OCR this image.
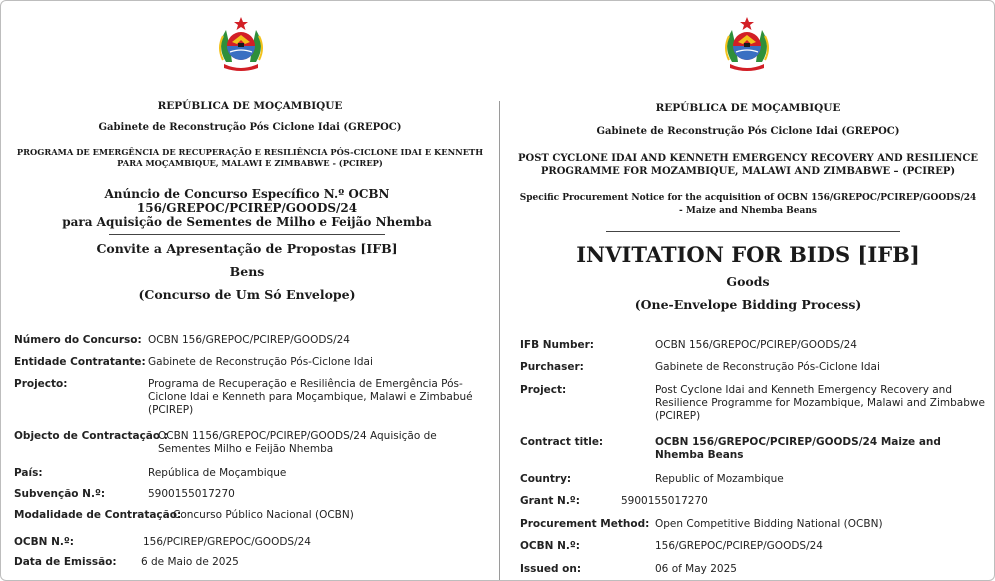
REPÚBLICA DE MOÇAMBIQUE
Gabinete de Reconstrução Pós Ciclone Idai (GREPOC)
PROGRAMA DE EMERGÊNCIA DE RECUPERAÇÃO E RESILIÊNCIA PÓS-CICLONE IDAI E KENNETH
PARA MOÇAMBIQUE, MALAWI E ZIMBABWE - (PCIREP)
Anúncio de Concurso Específico N.º OCBN 156/GREPOC/PCIREP/GOODS/24
para Aquisição de Sementes de Milho e Feijão Nhemba
Convite a Apresentação de Propostas [IFB]
Bens
(Concurso de Um Só Envelope)
Número do Concurso: OCBN 156/GREPOC/PCIREP/GOODS/24
Entidade Contratante: Gabinete de Reconstrução Pós-Ciclone Idai
Projecto:	Programa de Recuperação e Resiliência de Emergência Pós-
Ciclone Idai e Kenneth para Moçambique, Malawi e Zimbabué
(PCIREP)
Objecto de Contractação :
OCBN 1156/GREPOC/PCIREP/GOODS/24 Aquisição de
Sementes Milho e Feijão Nhemba
País:	República de Moçambique
Subvenção N.º:	5900155017270
Modalidade de Contratação:
Concurso Público Nacional (OCBN)
OCBN N.º:	156/PCIREP/GREPOC/GOODS/24
Data de Emissão: 6 de Maio de 2025
REPÚBLICA DE MOÇAMBIQUE
Gabinete de Reconstrução Pós Ciclone Idai (GREPOC)
POST CYCLONE IDAI AND KENNETH EMERGENCY RECOVERY AND RESILIENCE
PROGRAMME FOR MOZAMBIQUE, MALAWI AND ZIMBABWE – (PCIREP)
Specific Procurement Notice for the acquisition of OCBN 156/GREPOC/PCIREP/GOODS/24
- Maize and Nhemba Beans
INVITATION FOR BIDS [IFB]
Goods
(One-Envelope Bidding Process)
IFB Number:	OCBN 156/GREPOC/PCIREP/GOODS/24
Purchaser:	Gabinete de Reconstrução Pós-Ciclone Idai
Project:	Post Cyclone Idai and Kenneth Emergency Recovery and
Resilience Programme for Mozambique, Malawi and Zimbabwe
(PCIREP)
Contract title:	OCBN 156/GREPOC/PCIREP/GOODS/24 Maize and
Nhemba Beans
Country:	Republic of Mozambique
Grant N.º:	5900155017270
Procurement Method: Open Competitive Bidding National (OCBN)
OCBN N.º:	156/GREPOC/PCIREP/GOODS/24
Issued on:	06 of May 2025
